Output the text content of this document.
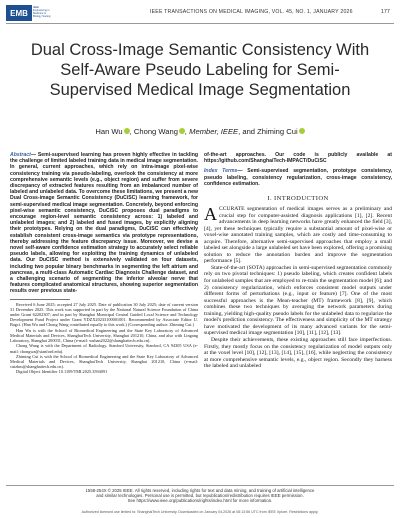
EMB
IEEE Engineering in Medicine & Biology Society
IEEE TRANSACTIONS ON MEDICAL IMAGING, VOL. 45, NO. 1, JANUARY 2026	177
Dual Cross-Image Semantic Consistency With Self-Aware Pseudo Labeling for Semi-Supervised Medical Image Segmentation
Han Wu , Chong Wang , Member, IEEE, and Zhiming Cui
Abstract— Semi-supervised learning has proven highly effective in tackling the challenge of limited labeled training data in medical image segmentation. In general, current approaches, which rely on intra-image pixel-wise consistency training via pseudo-labeling, overlook the consistency at more comprehensive semantic levels (e.g., object region) and suffer from severe discrepancy of extracted features resulting from an imbalanced number of labeled and unlabeled data. To overcome these limitations, we present a new Dual Cross-image Semantic Consistency (DuCiSC) learning framework, for semi-supervised medical image segmentation. Concretely, beyond enforcing pixel-wise semantic consistency, DuCiSC proposes dual paradigms to encourage region-level semantic consistency across: 1) labeled and unlabeled images; and 2) labeled and fused images, by explicitly aligning their prototypes. Relying on the dual paradigms, DuCiSC can effectively establish consistent cross-image semantics via prototype representations, thereby addressing the feature discrepancy issue. Moreover, we devise a novel self-aware confidence estimation strategy to accurately select reliable pseudo labels, allowing for exploiting the training dynamics of unlabeled data. Our DuCiSC method is extensively validated on four datasets, including two popular binary benchmarks in segmenting the left atrium and pancreas, a multi-class Automatic Cardiac Diagnosis Challenge dataset, and a challenging scenario of segmenting the inferior alveolar nerve that features complicated anatomical structures, showing superior segmentation results over previous state-

Received 6 June 2025; accepted 27 July 2025. Date of publication 30 July 2025; date of current version 31 December 2025. This work was supported in part by the National Natural Science Foundation of China under Grant 62202307; and in part by Shanghai Municipal Central Guided Local Science and Technology Development Fund Project under Grant YDZX20233100001001. Recommended by Associate Editor U. Bagci. (Han Wu and Chong Wang contributed equally to this work.) (Corresponding author: Zhiming Cui.)

Han Wu is with the School of Biomedical Engineering and the State Key Laboratory of Advanced Medical Materials and Devices, ShanghaiTech University, Shanghai 201210, China, and also with Lingang Laboratory, Shanghai 200031, China (e-mail: wuhan2022@shanghaitech.edu.cn).

Chong Wang is with the Department of Radiology, Stanford University, Stanford, CA 94305 USA (e-mail: chongwa@stanford.edu).

Zhiming Cui is with the School of Biomedical Engineering and the State Key Laboratory of Advanced Medical Materials and Devices, ShanghaiTech University, Shanghai 201210, China (e-mail: cuizhm@shanghaitech.edu.cn).

Digital Object Identifier 10.1109/TMI.2025.3594091

of-the-art approaches. Our code is publicly available at https://github.com/ShanghaiTech-IMPACT/DuCiSC
Index Terms— Semi-supervised segmentation, prototype consistency, pseudo labeling, consistency regularization, cross-image consistency, confidence estimation.
I. INTRODUCTION

ACCURATE segmentation of medical images serves as a preliminary and crucial step for computer-assisted diagnosis applications [1], [2]. Recent advancements in deep learning networks have greatly enhanced the field [3], [4], yet these techniques typically require a substantial amount of pixel-wise or voxel-wise annotated training samples, which are costly and time-consuming to acquire. Therefore, alternative semi-supervised approaches that employ a small labeled set alongside a large unlabeled set have been explored, offering a promising solution to reduce the annotation burden and improve the segmentation performance [5].

State-of-the-art (SOTA) approaches in semi-supervised segmentation commonly rely on two pivotal techniques: 1) pseudo labeling, which creates confident labels for unlabeled samples that are employed to re-train the segmentation model [6]; and 2) consistency regularization, which enforces consistent model outputs under different forms of perturbations (e.g., input or feature) [7]. One of the most successful approaches is the Mean-teacher (MT) framework [8], [9], which combines these two techniques by averaging the network parameters during training, yielding high-quality pseudo labels for the unlabeled data to regularize the model's prediction consistency. The effectiveness and simplicity of the MT strategy have motivated the development of its many advanced variants for the semi-supervised medical image segmentation [10], [11], [12], [13].

Despite their achievements, these existing approaches still face imperfections. Firstly, they mostly focus on the consistency regularization of model outputs only at the voxel level [10], [12], [13], [14], [15], [16], while neglecting the consistency at more comprehensive semantic levels, e.g., object region. Secondly they harness the labeled and unlabeled

1558-254X © 2025 IEEE. All rights reserved, including rights for text and data mining, and training of artificial intelligence
and similar technologies. Personal use is permitted, but republication/redistribution requires IEEE permission.
See https://www.ieee.org/publications/rights/index.html for more information.
Authorized licensed use limited to: ShanghaiTech University. Downloaded on January 04,2026 at 08:13:56 UTC from IEEE Xplore. Restrictions apply.
